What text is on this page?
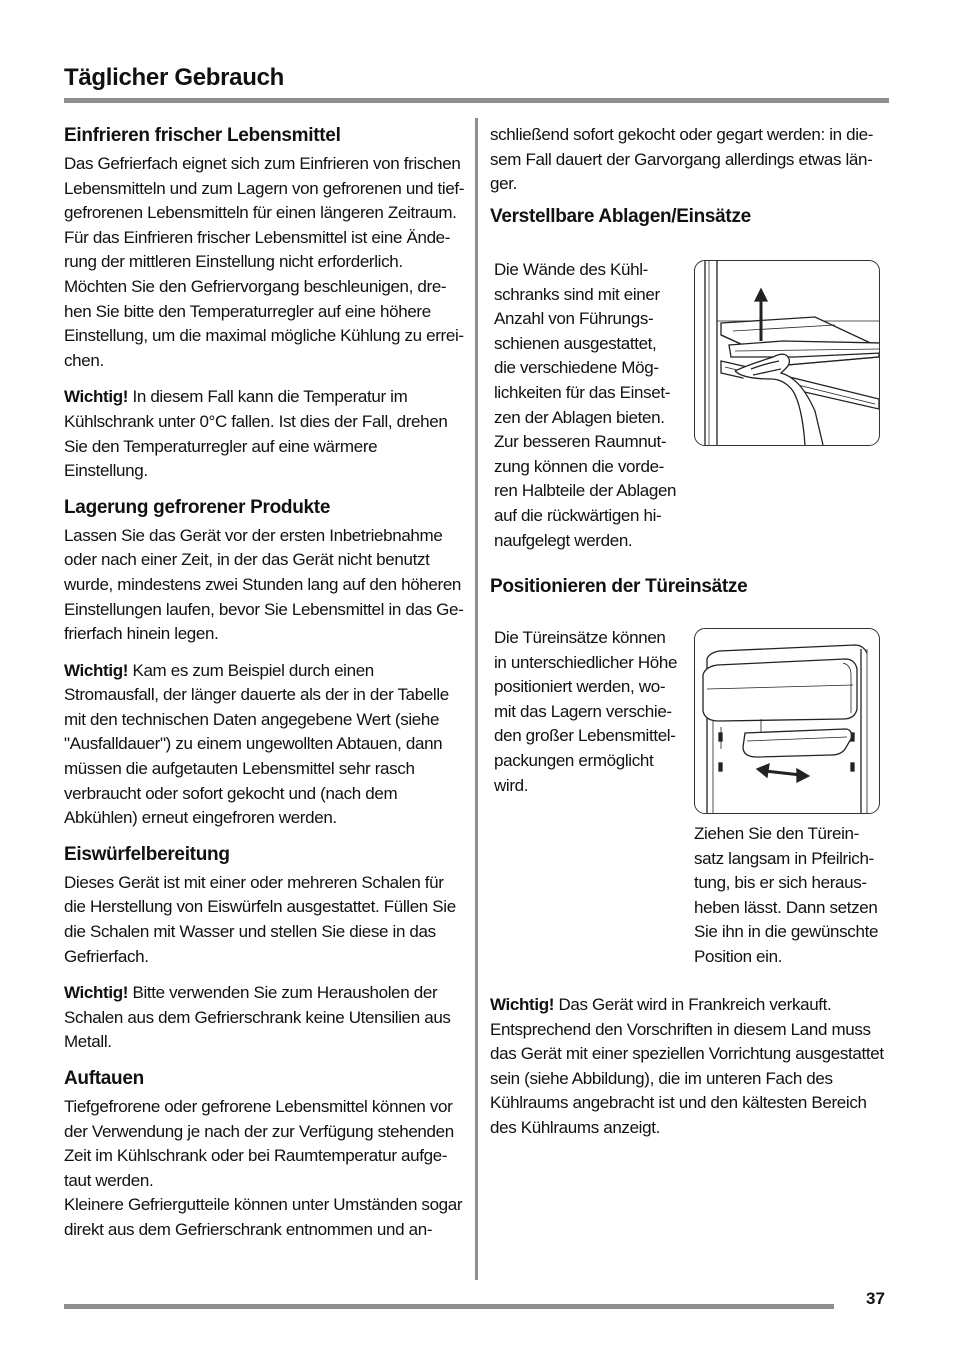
Täglicher Gebrauch
Einfrieren frischer Lebensmittel

Das Gefrierfach eignet sich zum Einfrieren von frischen
Lebensmitteln und zum Lagern von gefrorenen und tief-
gefrorenen Lebensmitteln für einen längeren Zeitraum.
Für das Einfrieren frischer Lebensmittel ist eine Ände-
rung der mittleren Einstellung nicht erforderlich.
Möchten Sie den Gefriervorgang beschleunigen, dre-
hen Sie bitte den Temperaturregler auf eine höhere
Einstellung, um die maximal mögliche Kühlung zu errei-
chen.

Wichtig! In diesem Fall kann die Temperatur im
Kühlschrank unter 0°C fallen. Ist dies der Fall, drehen
Sie den Temperaturregler auf eine wärmere
Einstellung.

Lagerung gefrorener Produkte

Lassen Sie das Gerät vor der ersten Inbetriebnahme
oder nach einer Zeit, in der das Gerät nicht benutzt
wurde, mindestens zwei Stunden lang auf den höheren
Einstellungen laufen, bevor Sie Lebensmittel in das Ge-
frierfach hinein legen.

Wichtig! Kam es zum Beispiel durch einen
Stromausfall, der länger dauerte als der in der Tabelle
mit den technischen Daten angegebene Wert (siehe
"Ausfalldauer") zu einem ungewollten Abtauen, dann
müssen die aufgetauten Lebensmittel sehr rasch
verbraucht oder sofort gekocht und (nach dem
Abkühlen) erneut eingefroren werden.

Eiswürfelbereitung

Dieses Gerät ist mit einer oder mehreren Schalen für
die Herstellung von Eiswürfeln ausgestattet. Füllen Sie
die Schalen mit Wasser und stellen Sie diese in das
Gefrierfach.

Wichtig! Bitte verwenden Sie zum Herausholen der
Schalen aus dem Gefrierschrank keine Utensilien aus
Metall.

Auftauen

Tiefgefrorene oder gefrorene Lebensmittel können vor
der Verwendung je nach der zur Verfügung stehenden
Zeit im Kühlschrank oder bei Raumtemperatur aufge-
taut werden.
Kleinere Gefriergutteile können unter Umständen sogar
direkt aus dem Gefrierschrank entnommen und an-

schließend sofort gekocht oder gegart werden: in die-
sem Fall dauert der Garvorgang allerdings etwas län-
ger.
Verstellbare Ablagen/Einsätze
Die Wände des Kühl-
schranks sind mit einer
Anzahl von Führungs-
schienen ausgestattet,
die verschiedene Mög-
lichkeiten für das Einset-
zen der Ablagen bieten.
Zur besseren Raumnut-
zung können die vorde-
ren Halbteile der Ablagen
auf die rückwärtigen hi-
naufgelegt werden.
Positionieren der Türeinsätze
Die Türeinsätze können
in unterschiedlicher Höhe
positioniert werden, wo-
mit das Lagern verschie-
den großer Lebensmittel-
packungen ermöglicht
wird.
Ziehen Sie den Türein-
satz langsam in Pfeilrich-
tung, bis er sich heraus-
heben lässt. Dann setzen
Sie ihn in die gewünschte
Position ein.

Wichtig! Das Gerät wird in Frankreich verkauft.
Entsprechend den Vorschriften in diesem Land muss
das Gerät mit einer speziellen Vorrichtung ausgestattet
sein (siehe Abbildung), die im unteren Fach des
Kühlraums angebracht ist und den kältesten Bereich
des Kühlraums anzeigt.

37
